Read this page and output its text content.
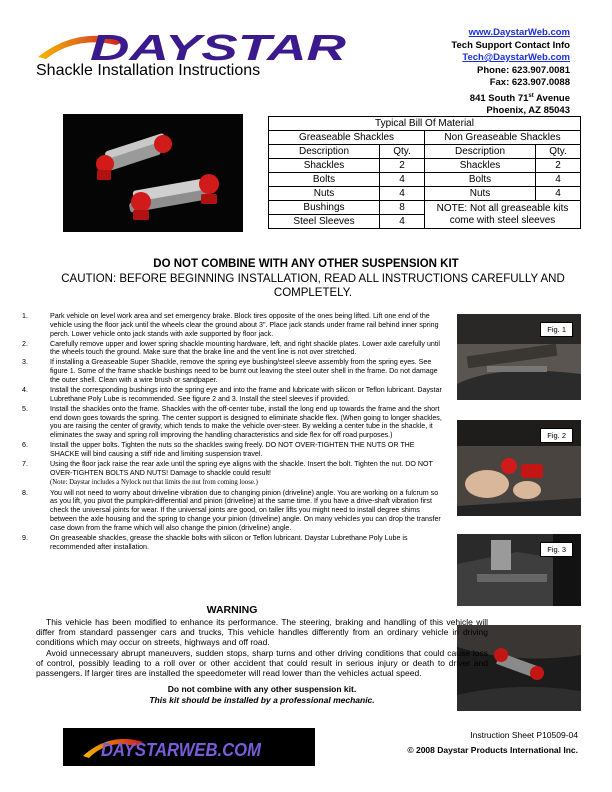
DAYSTAR
Shackle Installation Instructions
www.DaystarWeb.com
Tech Support Contact Info
Tech@DaystarWeb.com
Phone: 623.907.0081
Fax: 623.907.0088
841 South 71st Avenue
Phoenix, AZ 85043
Typical Bill Of Material			
Greaseable Shackles		Non Greaseable Shackles	
Description	Qty.	Description	Qty.
Shackles	2	Shackles	2
Bolts	4	Bolts	4
Nuts	4	Nuts	4
Bushings	8	NOTE: Not all greaseable kits come with steel sleeves	
Steel Sleeves	4		
DO NOT COMBINE WITH ANY OTHER SUSPENSION KIT
CAUTION: BEFORE BEGINNING INSTALLATION, READ ALL INSTRUCTIONS CAREFULLY AND COMPLETELY.
1.	Park vehicle on level work area and set emergency brake. Block tires opposite of the ones being lifted. Lift one end of the vehicle using the floor jack until the wheels clear the ground about 3". Place jack stands under frame rail behind inner spring perch. Lower vehicle onto jack stands with axle supported by floor jack.
2.	Carefully remove upper and lower spring shackle mounting hardware, left, and right shackle plates. Lower axle carefully until the wheels touch the ground. Make sure that the brake line and the vent line is not over stretched.
3.	If installing a Greaseable Super Shackle, remove the spring eye bushing/steel sleeve assembly from the spring eyes. See figure 1. Some of the frame shackle bushings need to be burnt out leaving the steel outer shell in the frame. Do not damage the outer shell. Clean with a wire brush or sandpaper.
4.	Install the corresponding bushings into the spring eye and into the frame and lubricate with silicon or Teflon lubricant. Daystar Lubrethane Poly Lube is recommended. See figure 2 and 3. Install the steel sleeves if provided.
5.	Install the shackles onto the frame. Shackles with the off-center tube, install the long end up towards the frame and the short end down goes towards the spring. The center support is designed to eliminate shackle flex. (When going to longer shackles, you are raising the center of gravity, which tends to make the vehicle over-steer. By welding a center tube in the shackle, it eliminates the sway and spring roll improving the handling characteristics and side flex for off road purposes.)
6.	Install the upper bolts. Tighten the nuts so the shackles swing freely. DO NOT OVER-TIGHTEN THE NUTS OR THE SHACKE will bind causing a stiff ride and limiting suspension travel.
7.	Using the floor jack raise the rear axle until the spring eye aligns with the shackle. Insert the bolt. Tighten the nut. DO NOT OVER-TIGHTEN BOLTS AND NUTS! Damage to shackle could result!
(Note: Daystar includes a Nylock nut that limits the nut from coming loose.)
8.	You will not need to worry about driveline vibration due to changing pinion (driveline) angle. You are working on a fulcrum so as you lift, you pivot the pumpkin-differential and pinion (driveline) at the same time. If you have a drive-shaft vibration first check the universal joints for wear. If the universal joints are good, on taller lifts you might need to install degree shims between the axle housing and the spring to change your pinion (driveline) angle. On many vehicles you can drop the transfer case down from the frame which will also change the pinion (driveline) angle.
9.	On greaseable shackles, grease the shackle bolts with silicon or Teflon lubricant. Daystar Lubrethane Poly Lube is recommended after installation.
Fig. 1
Fig. 2
Fig. 3
WARNING

This vehicle has been modified to enhance its performance. The steering, braking and handling of this vehicle will differ from standard passenger cars and trucks, This vehicle handles differently from an ordinary vehicle in driving conditions which may occur on streets, highways and off road.

Avoid unnecessary abrupt maneuvers, sudden stops, sharp turns and other driving conditions that could cause loss of control, possibly leading to a roll over or other accident that could result in serious injury or death to driver and passengers. If larger tires are installed the speedometer will read lower than the vehicles actual speed.

Do not combine with any other suspension kit.
This kit should be installed by a professional mechanic.
DAYSTARWEB.COM
Instruction Sheet P10509-04
© 2008 Daystar Products International Inc.
